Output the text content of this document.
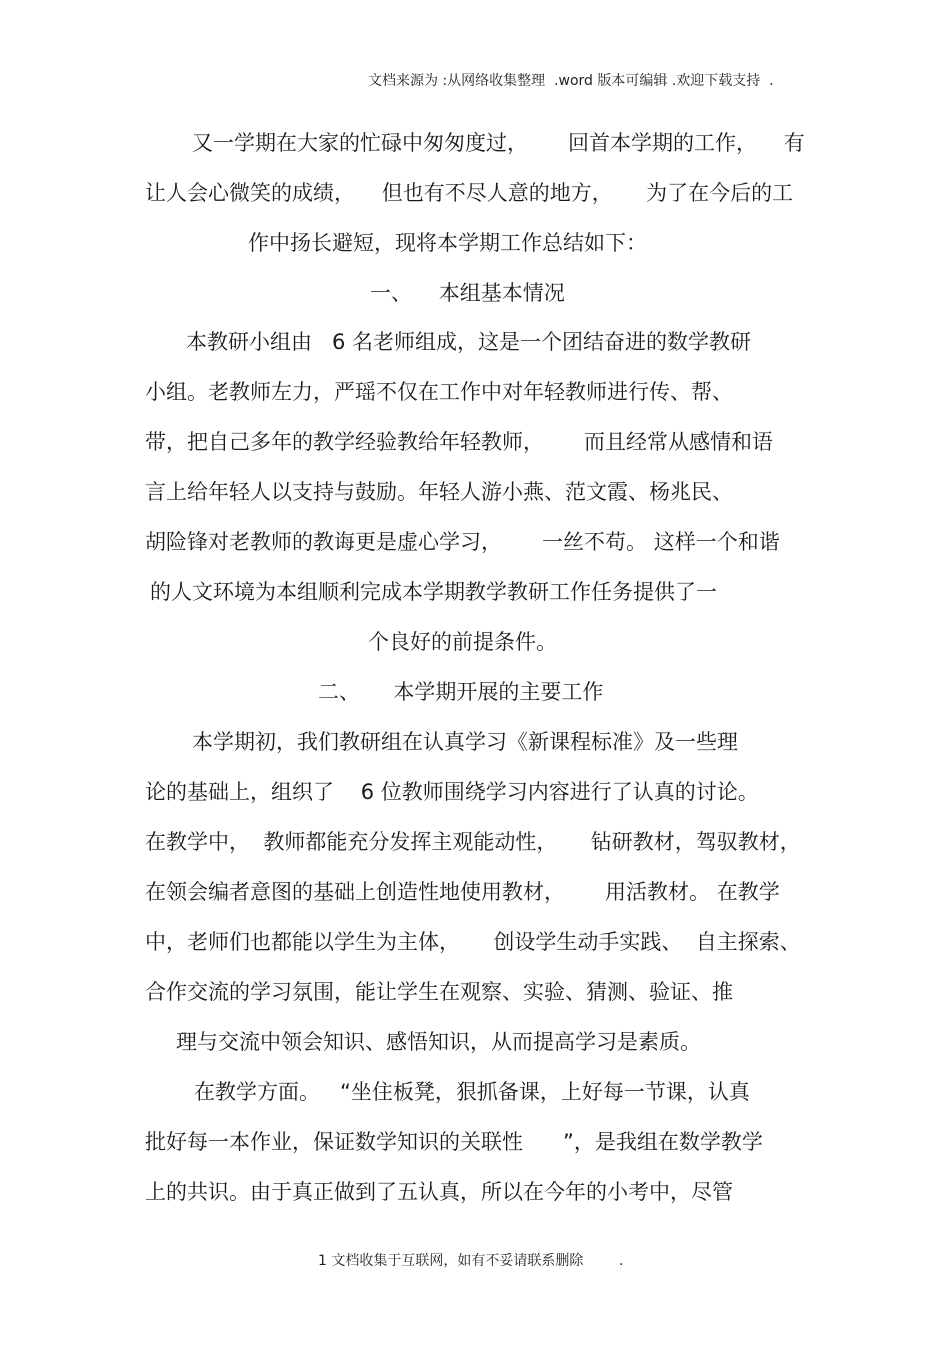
文档来源为 :从网络收集整理  .word 版本可编辑 .欢迎下载支持  .
又一学期在大家的忙碌中匆匆度过，      回首本学期的工作，    有
让人会心微笑的成绩，    但也有不尽人意的地方，     为了在今后的工
作中扬长避短，现将本学期工作总结如下：
一、    本组基本情况
本教研小组由   6 名老师组成，这是一个团结奋进的数学教研
小组。老教师左力，严瑶不仅在工作中对年轻教师进行传、帮、
带，把自己多年的教学经验教给年轻教师，      而且经常从感情和语
言上给年轻人以支持与鼓励。年轻人游小燕、范文霞、杨兆民、
胡险锋对老教师的教诲更是虚心学习，      一丝不苟。 这样一个和谐
的人文环境为本组顺利完成本学期教学教研工作任务提供了一
个良好的前提条件。
二、     本学期开展的主要工作
本学期初，我们教研组在认真学习《新课程标准》及一些理
论的基础上，组织了    6 位教师围绕学习内容进行了认真的讨论。
在教学中，  教师都能充分发挥主观能动性，     钻研教材，驾驭教材，
在领会编者意图的基础上创造性地使用教材，      用活教材。 在教学
中，老师们也都能以学生为主体，     创设学生动手实践、  自主探索、
合作交流的学习氛围，能让学生在观察、实验、猜测、验证、推
理与交流中领会知识、感悟知识，从而提高学习是素质。
在教学方面。   “坐住板凳，狠抓备课，上好每一节课，认真
批好每一本作业，保证数学知识的关联性      ”，是我组在数学教学
上的共识。由于真正做到了五认真，所以在今年的小考中，尽管
1 文档收集于互联网，如有不妥请联系删除        .
